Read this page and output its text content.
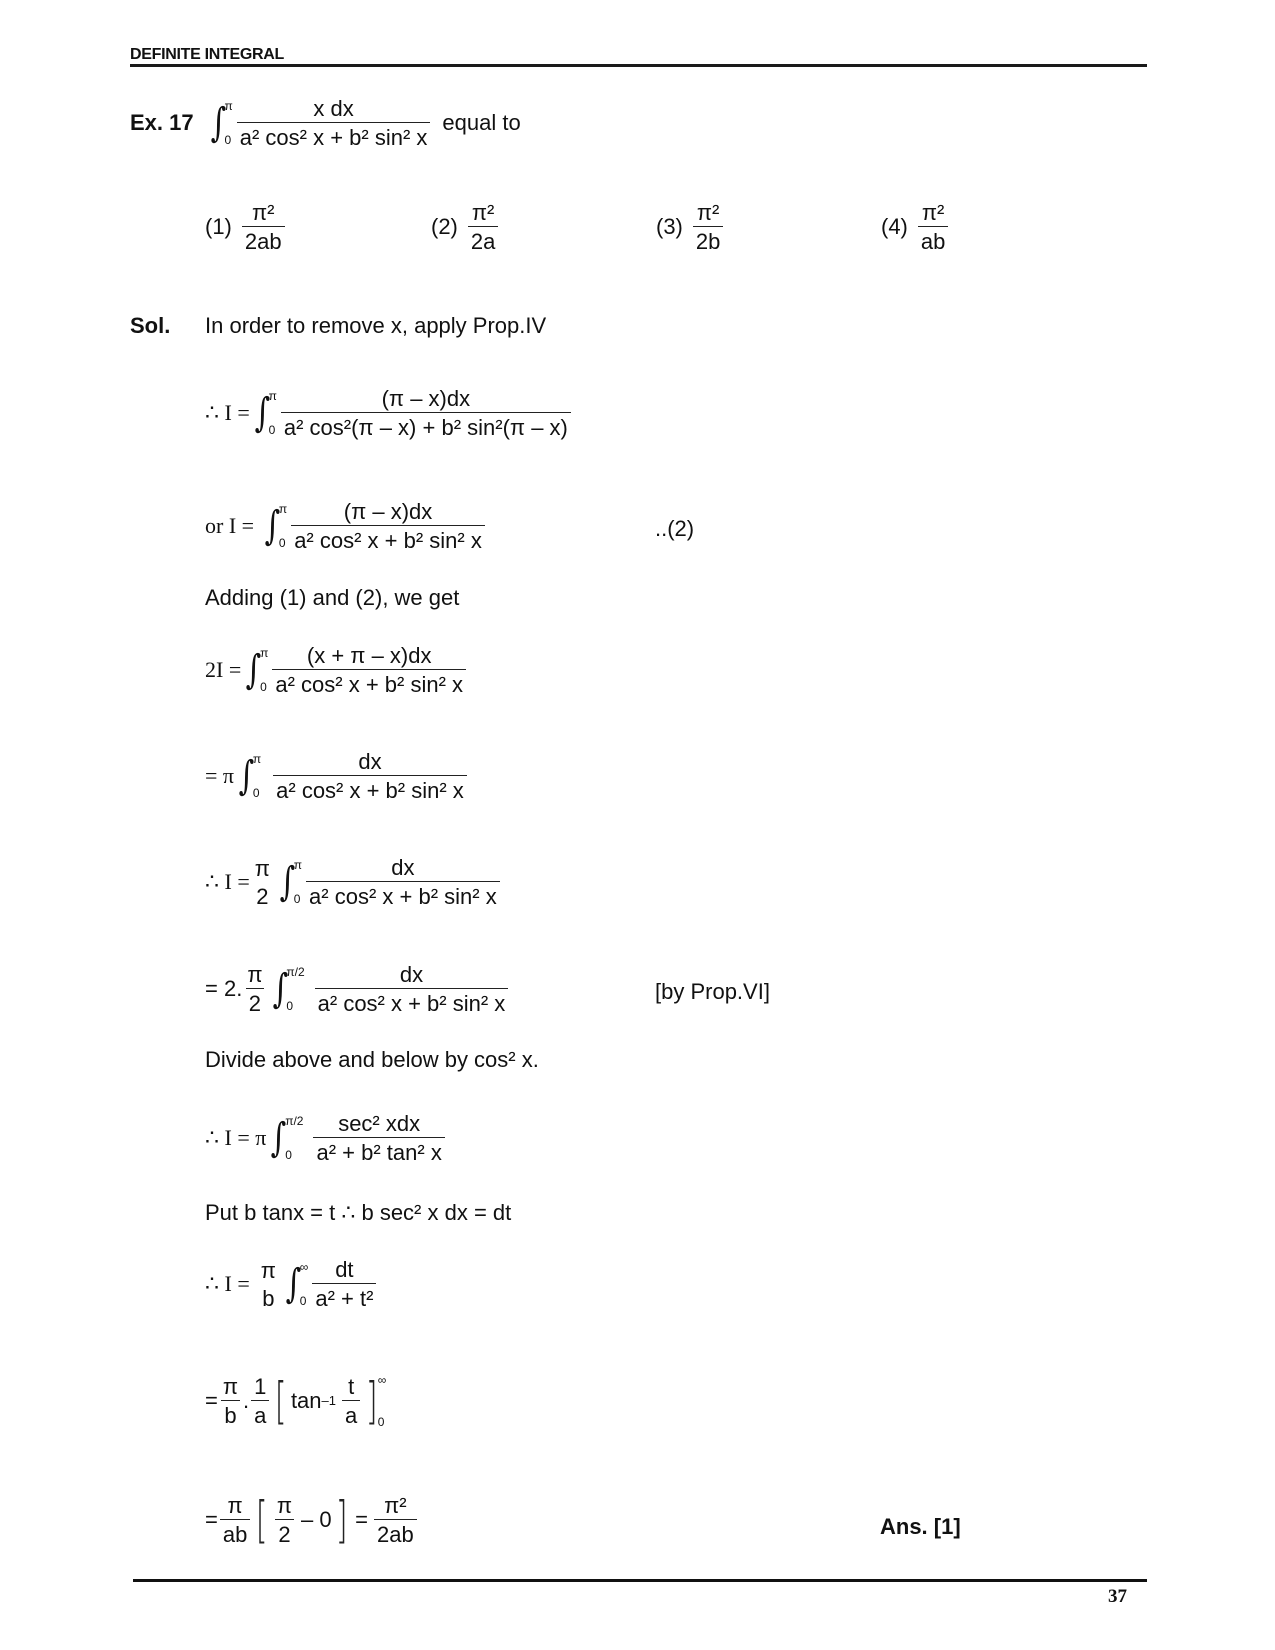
DEFINITE INTEGRAL
Ex. 17 ∫
π
$0 \frac{\text{x dx}}{\text{a² cos² x + b² sin² x}}$ equal to
$(1) \frac{\text{π²}}{2ab}$	$(2) \frac{\text{π²}}{2a}$	$(3) \frac{\text{π²}}{2b}$	$(4) \frac{\text{π²}}{ab}$
Sol. In order to remove x, apply Prop.IV
∴ I = ∫
π
$0 \frac{(\pi - x)dx}{\text{a² cos²(π – x) + b² sin²(π – x)}}$
or I = ∫
π
$0 \frac{(\pi - x)dx}{\text{a² cos² x + b² sin² x}}$	..(2)
Adding (1) and (2), we get
2I = ∫
π
$0 \frac{(x + \pi - x)dx}{\text{a² cos² x + b² sin² x}}$
= π ∫
π
$0 \frac{dx}{\text{a² cos² x + b² sin² x}}$
∴ I =
π
2 ∫
π
$0 \frac{dx}{\text{a² cos² x + b² sin² x}}$
= 2. $\frac{\pi}{2}$ ∫
π/2
$0 \frac{dx}{\text{a² cos² x + b² sin² x}}$	[by Prop.VI]
Divide above and below by cos² x.
∴ I = π ∫
π/2
$0 \frac{\text{sec² xdx}}{\text{a² + b² tan² x}}$
Put b tanx = t ∴ b sec² x dx = dt
∴ I =
π
b ∫
∞
$0 \frac{dt}{\text{a² + t²}}$
= $\frac{\pi}{b}$ . $\frac{1}{a}$ [ $\tan -1 \frac{t}{a}$ ] ∞
0
= $\frac{\pi}{ab}$ [ $\frac{\pi}{2} - 0$ ] = $\frac{\text{π²}}{2ab}$	Ans. [1]
37
